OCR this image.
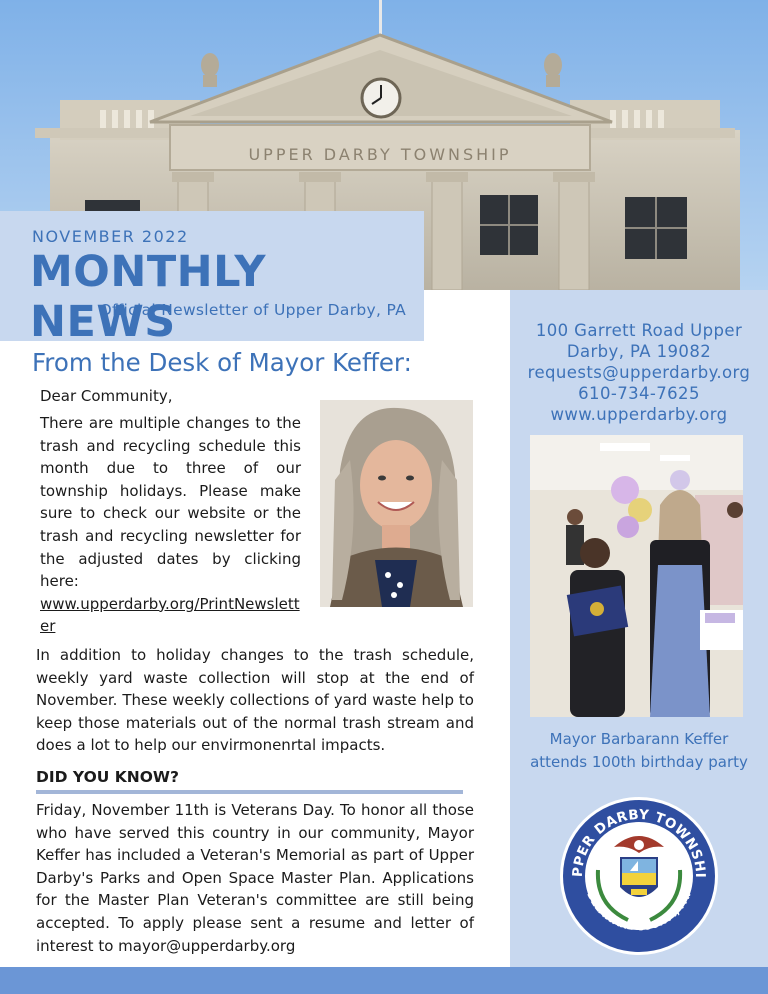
UPPER DARBY TOWNSHIP
NOVEMBER 2022
MONTHLY NEWS
Official Newsletter of Upper Darby, PA
100 Garrett Road Upper Darby, PA 19082
requests@upperdarby.org
610-734-7625
www.upperdarby.org
Mayor Barbarann Keffer attends 100th birthday party
PPER DARBY TOWNSHI
DELAWARE COUNTY, PA.
From the Desk of Mayor Keffer:
Dear Community,
There are multiple changes to the trash and recycling schedule this month due to three of our township holidays. Please make sure to check our website or the trash and recycling newsletter for the adjusted dates by clicking here:
www.upperdarby.org/PrintNewsletter
In addition to holiday changes to the trash schedule, weekly yard waste collection will stop at the end of November. These weekly collections of yard waste help to keep those materials out of the normal trash stream and does a lot to help our envirmonenrtal impacts.
DID YOU KNOW?
Friday, November 11th is Veterans Day. To honor all those who have served this country in our community, Mayor Keffer has included a Veteran's Memorial as part of Upper Darby's Parks and Open Space Master Plan. Applications for the Master Plan Veteran's committee are still being accepted. To apply please sent a resume and letter of interest to mayor@upperdarby.org
